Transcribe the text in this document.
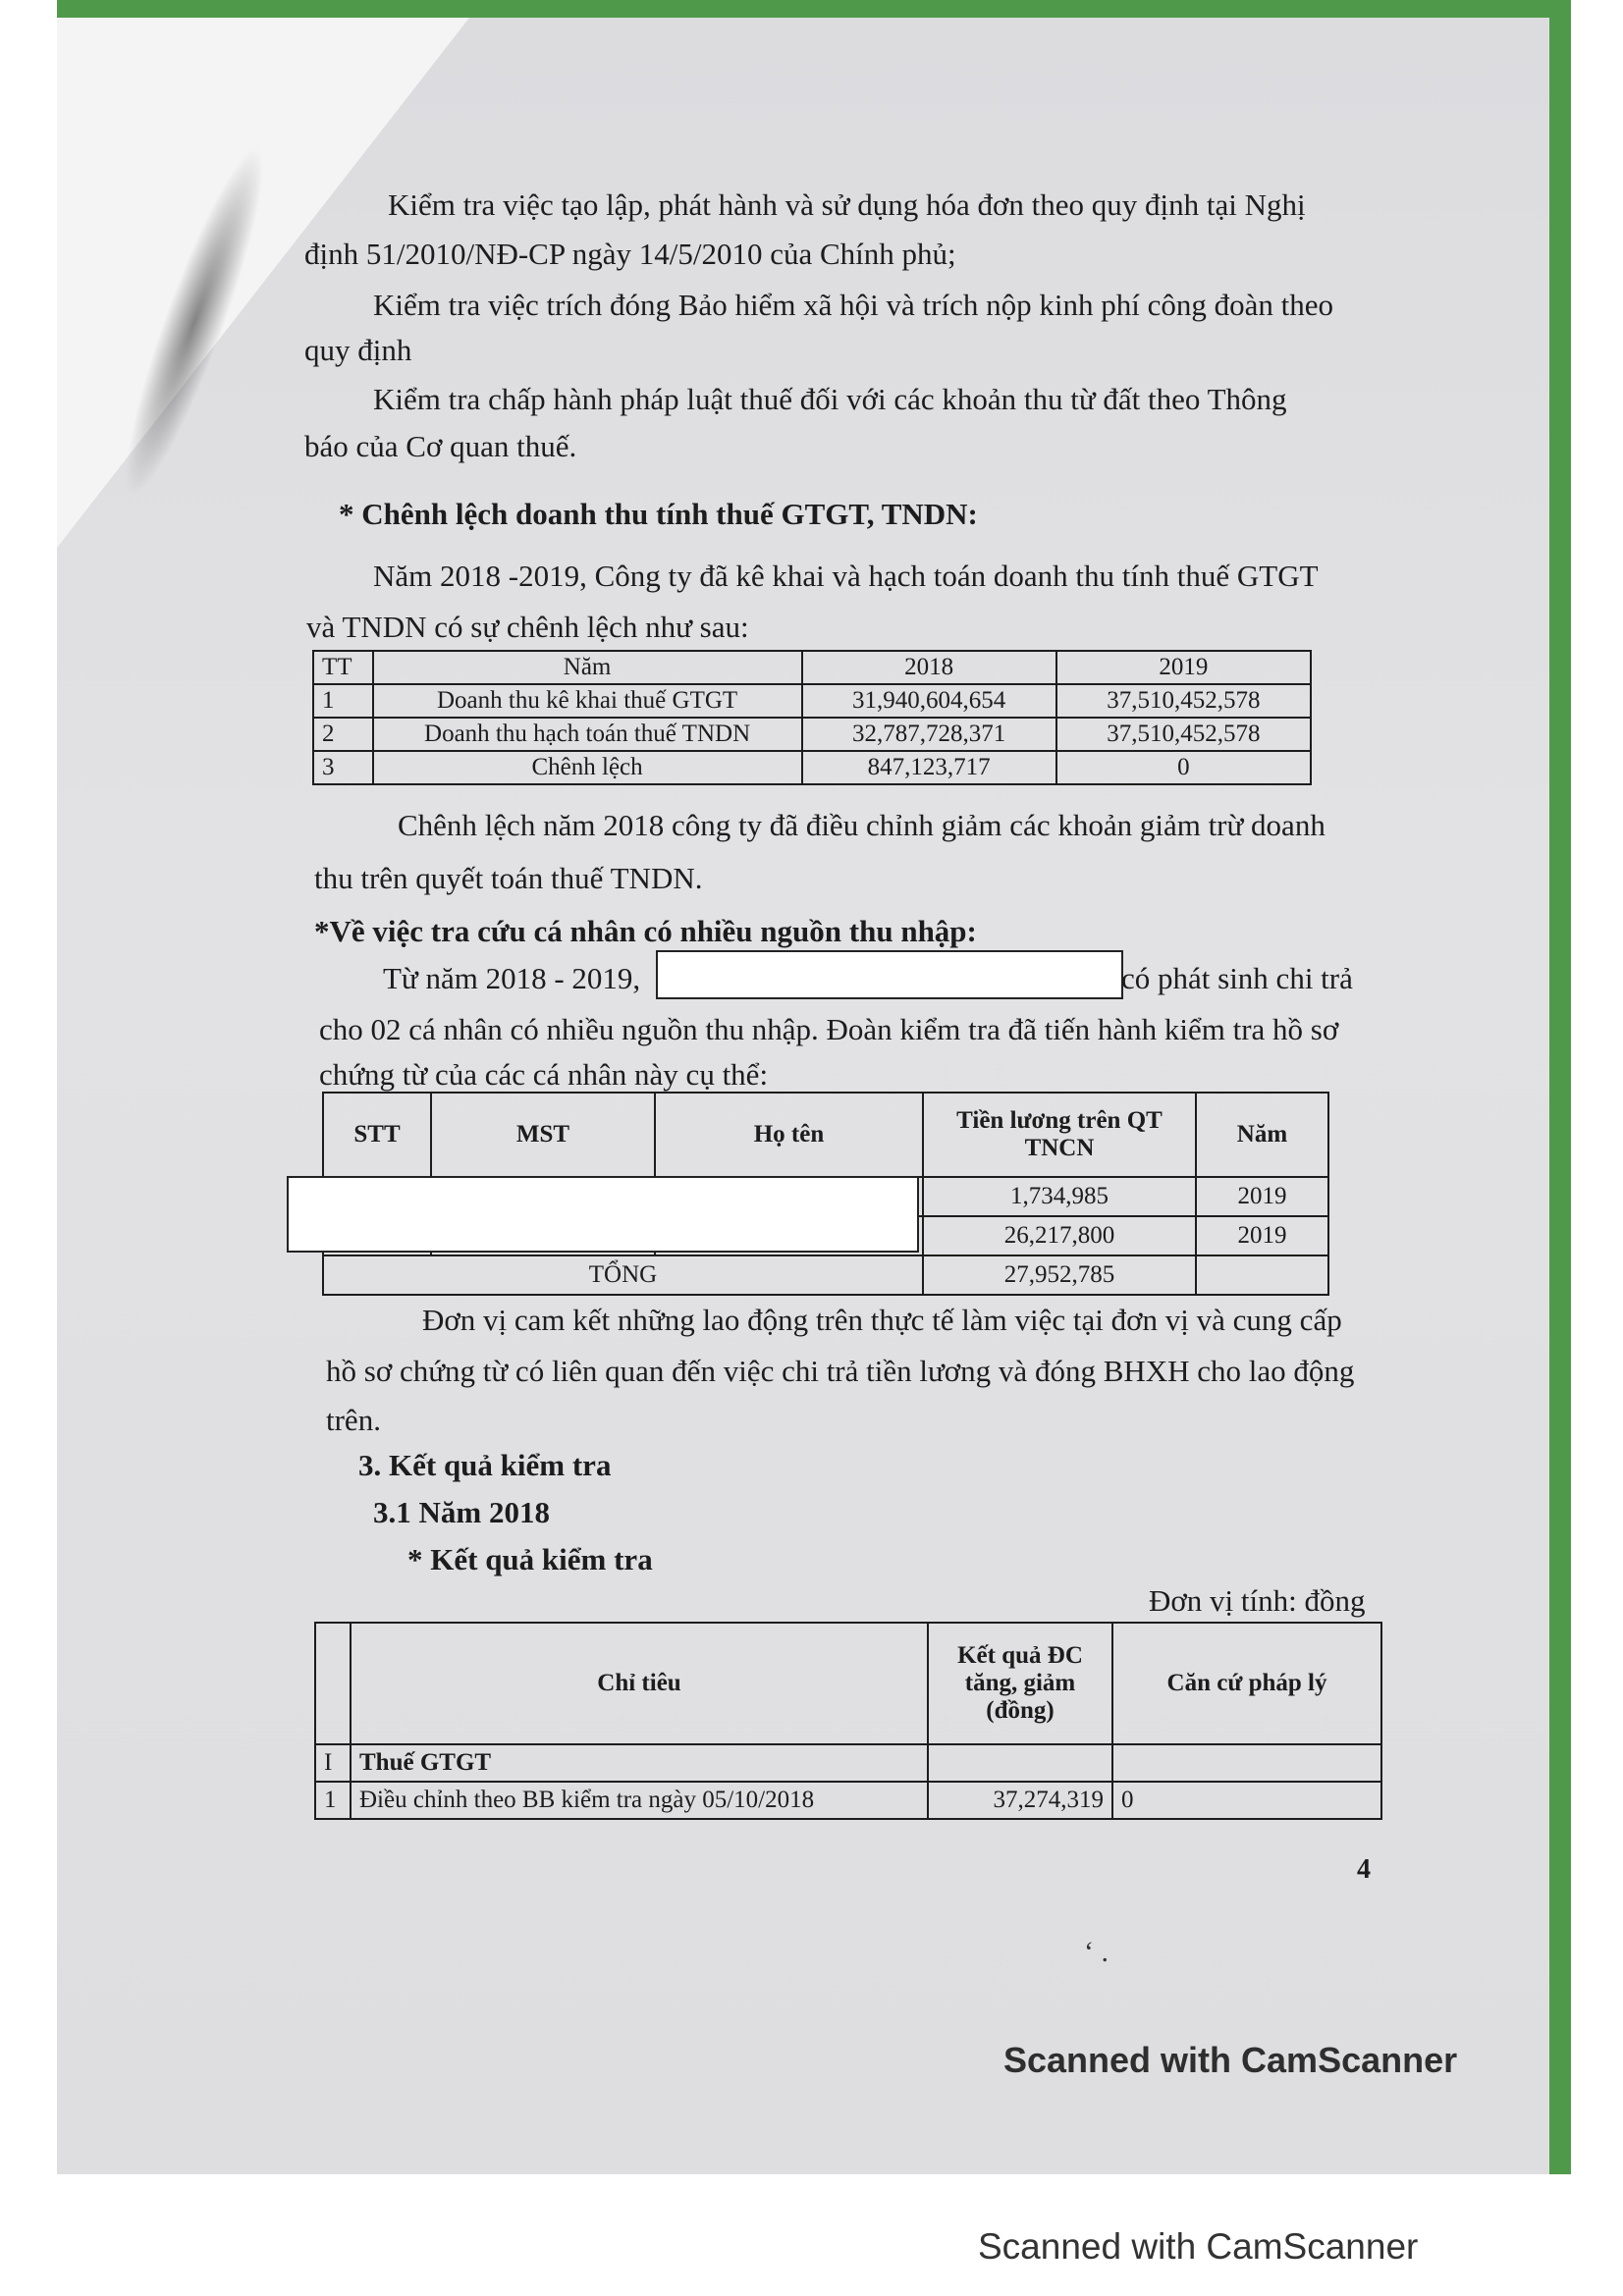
Kiểm tra việc tạo lập, phát hành và sử dụng hóa đơn theo quy định tại Nghị
định 51/2010/NĐ-CP ngày 14/5/2010 của Chính phủ;
Kiểm tra việc trích đóng Bảo hiểm xã hội và trích nộp kinh phí công đoàn theo
quy định
Kiểm tra chấp hành pháp luật thuế đối với các khoản thu từ đất theo Thông
báo của Cơ quan thuế.
* Chênh lệch doanh thu tính thuế GTGT, TNDN:
Năm 2018 -2019, Công ty đã kê khai và hạch toán doanh thu tính thuế GTGT
và TNDN có sự chênh lệch như sau:
TT	Năm	2018	2019
1	Doanh thu kê khai thuế GTGT	31,940,604,654	37,510,452,578
2	Doanh thu hạch toán thuế TNDN	32,787,728,371	37,510,452,578
3	Chênh lệch	847,123,717	0
Chênh lệch năm 2018 công ty đã điều chỉnh giảm các khoản giảm trừ doanh
thu trên quyết toán thuế TNDN.
*Về việc tra cứu cá nhân có nhiều nguồn thu nhập:
Từ năm 2018 - 2019,	có phát sinh chi trả
cho 02 cá nhân có nhiều nguồn thu nhập. Đoàn kiểm tra đã tiến hành kiểm tra hồ sơ
chứng từ của các cá nhân này cụ thể:
STT	MST	Họ tên	Tiền lương trên QT
TNCN	Năm
			1,734,985	2019
			26,217,800	2019
TỔNG			27,952,785	
Đơn vị cam kết những lao động trên thực tế làm việc tại đơn vị và cung cấp
hồ sơ chứng từ có liên quan đến việc chi trả tiền lương và đóng BHXH cho lao động
trên.
3. Kết quả kiểm tra
3.1 Năm 2018
* Kết quả kiểm tra
Đơn vị tính: đồng
	Chỉ tiêu	Kết quả ĐC
tăng, giảm
(đồng)	Căn cứ pháp lý
I	Thuế GTGT		
1	Điều chỉnh theo BB kiểm tra ngày 05/10/2018	37,274,319	0
4
‘ .
Scanned with CamScanner
Scanned with CamScanner
